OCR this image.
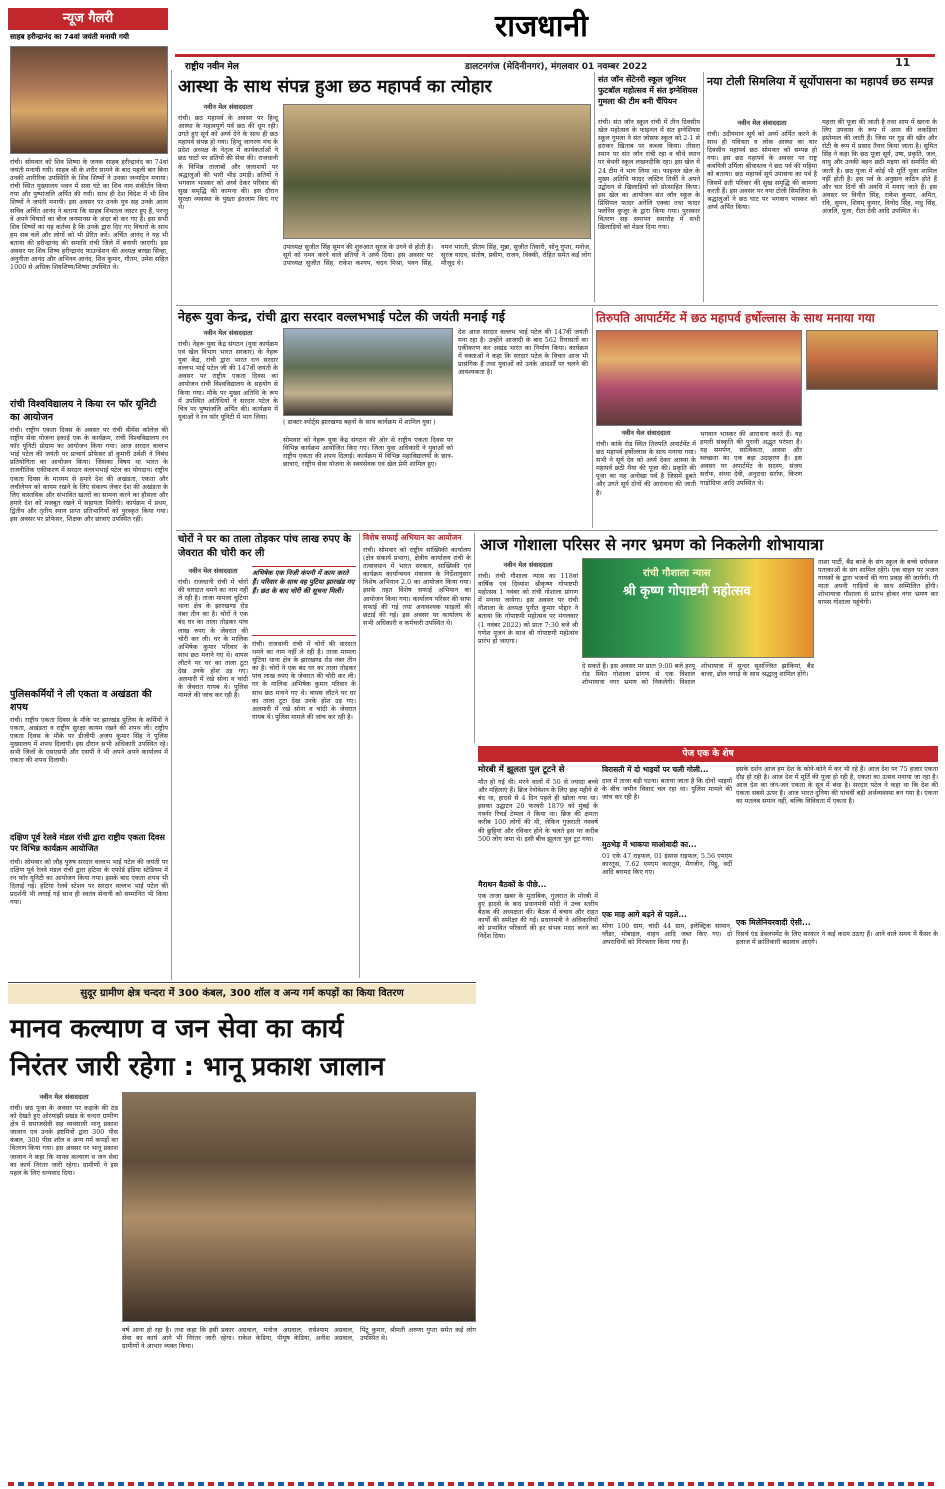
राजधानी
राष्ट्रीय नवीन मेल	डालटनगंज (मेदिनीनगर), मंगलवार 01 नवम्बर 2022	11
न्यूज गैलरी
साहब हरीन्द्रानंद का 74वां जयंती मनायी गयी
रांची। सोमवार को शिव शिष्या के जनक साहब हरीन्द्रानंद का 74वां जयंती मनायी गयी। साहब श्री के शरीर सामने के बाद पहली बार बिना उनकी शारीरिक उपस्थिति के शिव शिष्यों ने उनका जन्मदिन मनाया। रांची स्थित मुख्यालय भवन में सवा घंटे का शिव नाम संकीर्तन किया गया और पुष्पांजलि अर्पित की गयी। साथ ही देश विदेश में भी शिव शिष्यों ने जयंती मनायी। इस अवसर पर उनके पुत्र सह उनके आत्म सचिव अर्चित आनंद ने बताया कि साहब शिवतत्व जस्टर हुए हैं, परन्तु वे अपने विचारों का बीज जनमानस के अंदर बो कर गए हैं। इस सभी शिव शिष्यों का यह कर्तव्य है कि उनके द्वारा दिए गए विचारों के साथ हम सब चलें और लोगों को भी प्रेरित करें। अर्चित आनंद ने यह भी बताया की हरीन्द्रानंद की समाधि रांची जिले में बनायी जाएगी। इस अवसर पर शिव शिष्य हरीन्द्रानंद फाउन्डेशन की अध्यक्ष बरखा सिन्हा, अनुनीता आनंद और अभिनव आनंद, शिव कुमार, गौतम, उमेश सहित 1000 से अधिक शिवशिष्य/शिष्या उपस्थित थे।
रांची विश्वविद्यालय ने किया रन फॉर यूनिटी का आयोजन
रांची। राष्ट्रीय एकता दिवस के अवसर पर रांची वीमेंस कॉलेज की राष्ट्रीय सेवा योजना इकाई एक के कार्यक्रम, रांची विश्वविद्यालय रन फॉर यूनिटी प्रोग्राम का आयोजन किया गया। आज सरदार वल्लभ भाई पटेल की जयंती पर प्राचार्य प्रोफेसर डॉ कुमारी उर्वशी ने निबंध प्रतियोगिता का आयोजन किया। जिसका विषय था भारत के राजनीतिक एकीकरण में सरदार वल्लभभाई पटेल का योगदान। राष्ट्रीय एकता दिवस के माध्यम से हमारे देश की अखंडता, एकता और लचीलेपन को कायम रखने के लिए संकल्प लेकर देश की अखंडता के लिए वास्तविक और संभावित खतरों का सामना करने का हौसला और हमारे देश को मजबूत रखने में सहायता मिलेगी। कार्यक्रम में प्रथम, द्वितीय और तृतीय स्थान प्राप्त प्रतिभागियों को पुरस्कृत किया गया। इस अवसर पर प्रोफेसर, शिक्षक और छात्राएं उपस्थित रहीं।
पुलिसकर्मियों ने ली एकता व अखंडता की शपथ
रांची। राष्ट्रीय एकता दिवस के मौके पर झारखंड पुलिस के कर्मियों ने एकता, अखंडता व राष्ट्रीय सुरक्षा कायम रखने की शपथ ली। राष्ट्रीय एकता दिवस के मौके पर डीजीपी अजय कुमार सिंह ने पुलिस मुख्यालय में शपथ दिलायी। इस दौरान सभी अधिकारी उपस्थित रहे। सभी जिलों के एसएसपी और एसपी ने भी अपने अपने कार्यालय में एकता की शपथ दिलायी।
दक्षिण पूर्व रेलवे मंडल रांची द्वारा राष्ट्रीय एकता दिवस पर विभिन्न कार्यक्रम आयोजित
रांची। सोमवार को लौह पुरुष सरदार वल्लभ भाई पटेल की जयंती पर दक्षिण पूर्व रेलवे मंडल रांची द्वारा हटिया के एफोर्ड इंडिया स्टेडियम में रन फॉर यूनिटी का आयोजन किया गया। इसके बाद एकता शपथ भी दिलाई गई। हटिया रेलवे स्टेशन पर सरदार वल्लभ भाई पटेल की प्रदर्शनी भी लगाई गई साथ ही स्वतंत्र सेनानी को सम्मानित भी किया गया।
आस्था के साथ संपन्न हुआ छठ महापर्व का त्योहार
नवीन मेल संवाददाता
रांची। छठ महापर्व के अवसर पर हिन्दू आस्था के महत्वपूर्ण पर्व छठ की धूम रही। उगते हुए सूर्य को अर्घ्य देने के साथ ही छठ महापर्व संपन्न हो गया। हिन्दू जागरण मंच के प्रदेश अध्यक्ष के नेतृत्व में कार्यकर्ताओं ने छठ घाटों पर व्रतियों की सेवा की। राजधानी के विभिन्न तालाबों और जलाशयों पर श्रद्धालुओं की भारी भीड़ उमड़ी। व्रतियों ने भगवान भास्कर को अर्घ्य देकर परिवार की सुख समृद्धि की कामना की। इस दौरान सुरक्षा व्यवस्था के पुख्ता इंतजाम किए गए थे।
उपाध्यक्ष सुजीत सिंह सुमन की शुरुआत सूरज के उगने से होती है। सूर्य को नमन करने वाले व्रतियों ने अर्घ्य दिया। इस अवसर पर उपाध्यक्ष सुजीत सिंह, राकेश कश्यप, चंदन मिश्रा, पवन सिंह, नमन भारती, प्रीतम सिंह, मुन्ना, सुजीत तिवारी, सोनू गुप्ता, मनोज, सूरज यादव, संतोष, प्रवीण, राजन, विक्की, रोहित समेत कई लोग मौजूद थे।
संत जॉन सेंटेनरी स्कूल जूनियर फुटबॉल महोत्सव में संत इग्नेशियस गुमला की टीम बनी चैंपियन
रांची। संत जॉन स्कूल रांची में तीन दिवसीय खेल महोत्सव के फाइनल में संत इग्नेशियस स्कूल गुमला ने संत जोसफ स्कूल को 2-1 से हराकर खिताब पर कब्जा किया। तीसरा स्थान पर संत जॉन रांची रहा व चौथे स्थान पर बेथनी स्कूल लखनदीकि रहा। इस खेल में 24 टीम ने भाग लिया था। फाइनल खेल के मुख्य अतिथि फादर जस्टिन तिर्की ने अपने उद्बोधन से खिलाड़ियों को प्रोत्साहित किया। इस खेल का आयोजन संत जॉन स्कूल के प्रिंसिपल फादर अनेलि एक्का तथा फादर फ्लोरेंस कुजूर के द्वारा किया गया। पुरस्कार वितरण सह समापन समारोह में सभी खिलाड़ियों को मेडल दिया गया।
नया टोली सिमलिया में सूर्योपासना का महापर्व छठ सम्पन्न
नवीन मेल संवाददाता
रांची। उदीयमान सूर्य को अर्घ्य अर्पित करने के साथ ही पवित्रता व लोक आस्था का चार दिवसीय महापर्व छठ सोमवार को सम्पन्न हो गया। इस छठ महापर्व के अवसर पर राष्ट्र कवयित्री उर्मिला श्रीवास्तव ने छठ पर्व की महिमा को बताया। छठ महापर्व सूर्य उपासना का पर्व है जिसमें व्रती परिवार की सुख समृद्धि की कामना करती हैं। इस अवसर पर नया टोली सिमलिया के श्रद्धालुओं ने छठ घाट पर भगवान भास्कर को अर्घ्य अर्पित किया।
महत्ता की पूजा की जाती है तथा शाम में खरना के लिए उपवास के रूप में आम की लकड़ियां इस्तेमाल की जाती हैं। जिस पर गुड़ की खीर और रोटी के रूप में प्रसाद तैयार किया जाता है। सुमित सिंह ने कहा कि छठ पूजा सूर्य, उषा, प्रकृति, जल, वायु और उनकी बहन छठी मइया को समर्पित की जाती है। छठ पूजा में कोई भी मूर्ति पूजा शामिल नहीं होती है। इस पर्व के अनुष्ठान कठिन होते हैं और चार दिनों की अवधि में मनाए जाते हैं। इस अवसर पर विनीत सिंह, राकेश कुमार, अमित, रवि, सुमन, शिवम् कुमार, विनोद सिंह, मधु सिंह, अंजलि, पूजा, रीता देवी आदि उपस्थित थे।
नेहरू युवा केन्द्र, रांची द्वारा सरदार वल्लभभाई पटेल की जयंती मनाई गई
नवीन मेल संवाददाता
रांची। नेहरू युवा केंद्र संगठन (युवा कार्यक्रम एवं खेल विभाग भारत सरकार) के नेहरू युवा केंद्र, रांची द्वारा भारत रत्न सरदार वल्लभ भाई पटेल जी की 147वीं जयंती के अवसर पर राष्ट्रीय एकता दिवस का आयोजन रांची विश्वविद्यालय के सहयोग से किया गया। मौके पर मुख्य अतिथि के रूप में उपस्थित अतिथियों ने सरदार पटेल के चित्र पर पुष्पांजलि अर्पित की। कार्यक्रम में युवाओं ने रन फॉर यूनिटी में भाग लिया।
( डाक्टर स्पोर्ट्स झारखण्ड बहनों के साथ कार्यक्रम में शामिल युवा )
सोमवार को नेहरू युवा केंद्र संगठन की ओर से राष्ट्रीय एकता दिवस पर विभिन्न कार्यक्रम आयोजित किए गए। जिला युवा अधिकारी ने युवाओं को राष्ट्रीय एकता की शपथ दिलाई। कार्यक्रम में विभिन्न महाविद्यालयों के छात्र-छात्राएं, राष्ट्रीय सेवा योजना के स्वयंसेवक एवं खेल प्रेमी शामिल हुए।
देश आज सरदार वल्लभ भाई पटेल की 147वीं जयंती मना रहा है। उन्होंने आजादी के बाद 562 रियासतों का एकीकरण कर अखंड भारत का निर्माण किया। कार्यक्रम में वक्ताओं ने कहा कि सरदार पटेल के विचार आज भी प्रासंगिक हैं तथा युवाओं को उनके आदर्शों पर चलने की आवश्यकता है।
तिरुपति आपार्टमेंट में छठ महापर्व हर्षोल्लास के साथ मनाया गया
नवीन मेल संवाददाता
रांची। कांके रोड स्थित तिरुपति अपार्टमेंट में छठ महापर्व हर्षोल्लास के साथ मनाया गया। सभी ने सूर्य देव को अर्घ्य देकर आस्था के महापर्व छठी मैया की पूजा की। प्रकृति की पूजा का यह अनोखा पर्व है जिसमें डूबते और उगते सूर्य दोनों की आराधना की जाती है।
भगवान भास्कर की आराधना करते हैं। यह हमारी संस्कृति की पुरानी अद्भुत परंपरा है। यह समर्पण, सात्विकता, आस्था और स्वच्छता का एक बड़ा उदाहरण है। इस अवसर पर अपार्टमेंट के सदस्य, संजय सर्राफ, संध्या देवी, अनुराधा सर्राफ, किरण गाड़ोदिया आदि उपस्थित थे।
चोरों ने घर का ताला तोड़कर पांच लाख रुपए के जेवरात की चोरी कर ली
नवीन मेल संवाददाता	अभिषेक एक निजी कंपनी में काम करते हैं। परिवार के साथ वह पुटिया झारखंड गए हैं। छठ के बाद चोरी की सूचना मिली।
रांची। राजधानी रांची में चोरों की वारदात थमने का नाम नहीं ले रही है। ताजा मामला चुटिया थाना क्षेत्र के झारखण्ड रोड नंबर तीन का है। चोरों ने एक बंद घर का ताला तोड़कर पांच लाख रुपए के जेवरात की चोरी कर ली। घर के मालिक अभिषेक कुमार परिवार के साथ छठ मनाने गए थे। वापस लौटने पर घर का ताला टूटा देख उनके होश उड़ गए। अलमारी में रखे सोना व चांदी के जेवरात गायब थे। पुलिस मामले की जांच कर रही है।
रांची। राजधानी रांची में चोरों की वारदात थमने का नाम नहीं ले रही है। ताजा मामला चुटिया थाना क्षेत्र के झारखण्ड रोड नंबर तीन का है। चोरों ने एक बंद घर का ताला तोड़कर पांच लाख रुपए के जेवरात की चोरी कर ली। घर के मालिक अभिषेक कुमार परिवार के साथ छठ मनाने गए थे। वापस लौटने पर घर का ताला टूटा देख उनके होश उड़ गए। अलमारी में रखे सोना व चांदी के जेवरात गायब थे। पुलिस मामले की जांच कर रही है।
विशेष सफाई अभियान का आयोजन
रांची। सोमवार को राष्ट्रीय सांख्यिकी कार्यालय (क्षेत्र संकार्य प्रभाग), क्षेत्रीय कार्यालय रांची के तत्वावधान में भारत सरकार, सांख्यिकी एवं कार्यक्रम कार्यान्वयन मंत्रालय के निर्देशानुसार विशेष अभियान 2.0 का आयोजन किया गया। इसके तहत विशेष सफाई अभियान का आयोजन किया गया। कार्यालय परिसर की साफ सफाई की गई तथा अनावश्यक फाइलों की छंटाई की गई। इस अवसर पर कार्यालय के सभी अधिकारी व कर्मचारी उपस्थित थे।
आज गोशाला परिसर से नगर भ्रमण को निकलेगी शोभायात्रा
नवीन मेल संवाददाता
रांची। रांची गौशाला न्यास का 118वां वार्षिक एवं दिव्यांश श्रीकृष्ण गोपाष्टमी महोत्सव 1 नवंबर को रांची गोशाला प्रांगण में मनाया जायेगा। इस अवसर पर रांची गौशाला के अध्यक्ष पुनीत कुमार पोद्दार ने बताया कि गोपाष्टमी महोत्सव पर मंगलवार (1 नवंबर 2022) को प्रातः 7:30 बजे श्री गणेश पूजन के साथ श्री गोपाष्टमी महोत्सव प्रारंभ हो जाएगा।
रांची गौशाला न्यास
श्री कृष्ण गोपाष्टमी महोत्सव
दे सकते हैं। इस अवसर पर प्रातः 9:00 बजे हरमू रोड स्थित गोशाला प्रांगण से एक विशाल शोभायात्रा नगर भ्रमण को निकलेगी। विशाल शोभायात्रा में सुन्दर सुसज्जित झांकियां, बैंड बाजा, ढोल नगाड़े के साथ श्रद्धालु शामिल होंगे।
ताशा पार्टी, बैंड बाजे के संग स्कूल के बच्चे धर्मध्वज पताकाओं के संग शामिल रहेंगे। एक वाहन पर भजन गायकों के द्वारा भजनों की गंगा प्रवाह की जायेगी। गौ माता अपनी गाड़ियों के साथ सम्मिलित होंगी। शोभायात्रा गौशाला से प्रारंभ होकर नगर भ्रमण कर वापस गोशाला पहुंचेगी।
पेज एक के शेष
मोरबी में झूलता पुल टूटने से
मौत हो गई थी। मरने वालों में 50 से ज्यादा बच्चे और महिलाएं हैं। ब्रिज रेनोवेशन के लिए छह महीने से बंद था, हादसे से 4 दिन पहले ही खोला गया था। इसका उद्घाटन 20 फरवरी 1879 को मुंबई के गवर्नर रिचर्ड टेम्पल ने किया था। ब्रिज की क्षमता करीब 100 लोगों की थी, लेकिन गुजराती नववर्ष की छुट्टियां और रविवार होने के चलते इस पर करीब 500 लोग जमा थे। इसी बीच झूलता पुल टूट गया।
मैराथन बैठकों के पीछे...
एक ताजा खबर के मुताबिक, गुजरात के मोरबी में हुए हादसे के बाद प्रधानमंत्री मोदी ने उच्च स्तरीय बैठक की अध्यक्षता की। बैठक में बचाव और राहत कार्यों की समीक्षा की गई। प्रधानमंत्री ने अधिकारियों को प्रभावित परिवारों की हर संभव मदद करने का निर्देश दिया।
विरासती में दो भाइयों पर चली गोली...
दाल में ताजा बड़ी घटना। बताया जाता है कि दोनों भाइयों के बीच जमीन विवाद चल रहा था। पुलिस मामले की जांच कर रही है।
मुठभेड़ में भाकपा माओवादी का...
01 एके 47 राइफल, 01 इंसास राइफल, 5.56 एमएम कारतूस, 7.62 एमएम कारतूस, मैगजीन, पिट्ठू, वर्दी आदि बरामद किए गए।
एक माह आगे बढ़ने से पहले...
सोना 100 ग्राम, चांदी 44 ग्राम, इलेक्ट्रिक सामान, ग्लैंडर, मोबाइल, वाहन आदि जब्त किए गए। दो अपराधियों को गिरफ्तार किया गया है।
इसके दर्शन आज हम देश के कोने-कोने में कर भी रहे हैं। आज देश पर 75 हजार एकता दौड़ हो रही है। आज देश में मूर्ति की पूजा हो रही है, एकता का उत्सव मनाया जा रहा है। आज देश का जन-जन एकता के सूत्र में बंधा है। सरदार पटेल ने कहा था कि देश की एकता सबसे ऊपर है। आज भारत दुनिया की पांचवीं बड़ी अर्थव्यवस्था बन गया है। एकता का मतलब समान नहीं, बल्कि विविधता में एकता है।
एक मिलेनियरवादी ऐसी...
रिसर्च एंड डेवलपमेंट के लिए सरकार ने कई कदम उठाए हैं। आने वाले समय में कैंसर के इलाज में क्रांतिकारी बदलाव आएंगे।
सुदूर ग्रामीण क्षेत्र चन्दरा में 300 कंबल, 300 शॉल व अन्य गर्म कपड़ों का किया वितरण
मानव कल्याण व जन सेवा का कार्य
निरंतर जारी रहेगा : भानू प्रकाश जालान
नवीन मेल संवाददाता
रांची। छठ पूजा के अवसर पर कड़ाके की ठंड को देखते हुए ओरमांझी प्रखंड के चन्दरा ग्रामीण क्षेत्र में समाजसेवी सह व्यवसायी भानू प्रकाश जालान एवं उनके इष्टमित्रों द्वारा 300 पीस कंबल, 300 पीस शॉल व अन्य गर्म कपड़ों का वितरण किया गया। इस अवसर पर भानू प्रकाश जालान ने कहा कि मानव कल्याण व जन सेवा का कार्य निरंतर जारी रहेगा। ग्रामीणों ने इस पहल के लिए धन्यवाद दिया।
वर्ष आना हो रहा है। तथा कहा कि इसी प्रकार सेवा का कार्य आगे भी निरंतर जारी रहेगा। ग्रामीणों ने आभार व्यक्त किया।
अग्रवाल, मनोज अग्रवाल, राधेश्याम अग्रवाल, राकेश केडिया, पीयूष केडिया, अनीश अग्रवाल, पिंटू कुमार, श्रीमती अरुणा गुप्ता समेत कई लोग उपस्थित थे।
